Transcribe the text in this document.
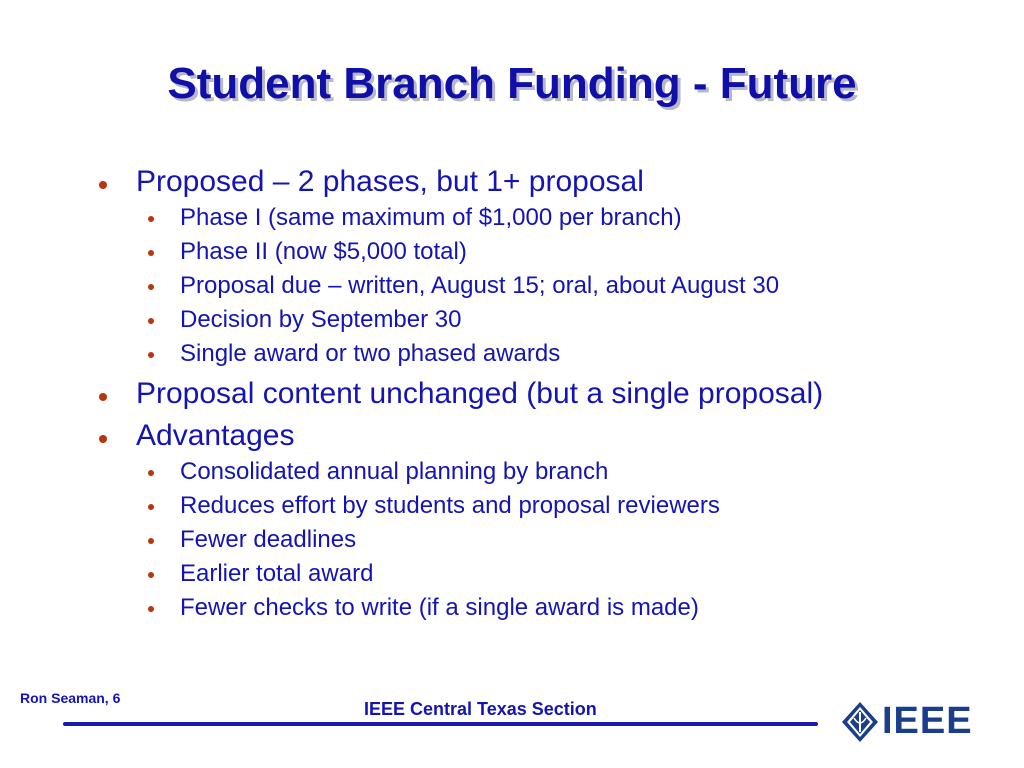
Student Branch Funding - Future
Proposed – 2 phases, but 1+ proposal
Phase I (same maximum of $1,000 per branch)
Phase II (now $5,000 total)
Proposal due – written, August 15; oral, about August 30
Decision by September 30
Single award or two phased awards
Proposal content unchanged (but a single proposal)
Advantages
Consolidated annual planning by branch
Reduces effort by students and proposal reviewers
Fewer deadlines
Earlier total award
Fewer checks to write (if a single award is made)
Ron Seaman, 6
IEEE Central Texas Section	IEEE
